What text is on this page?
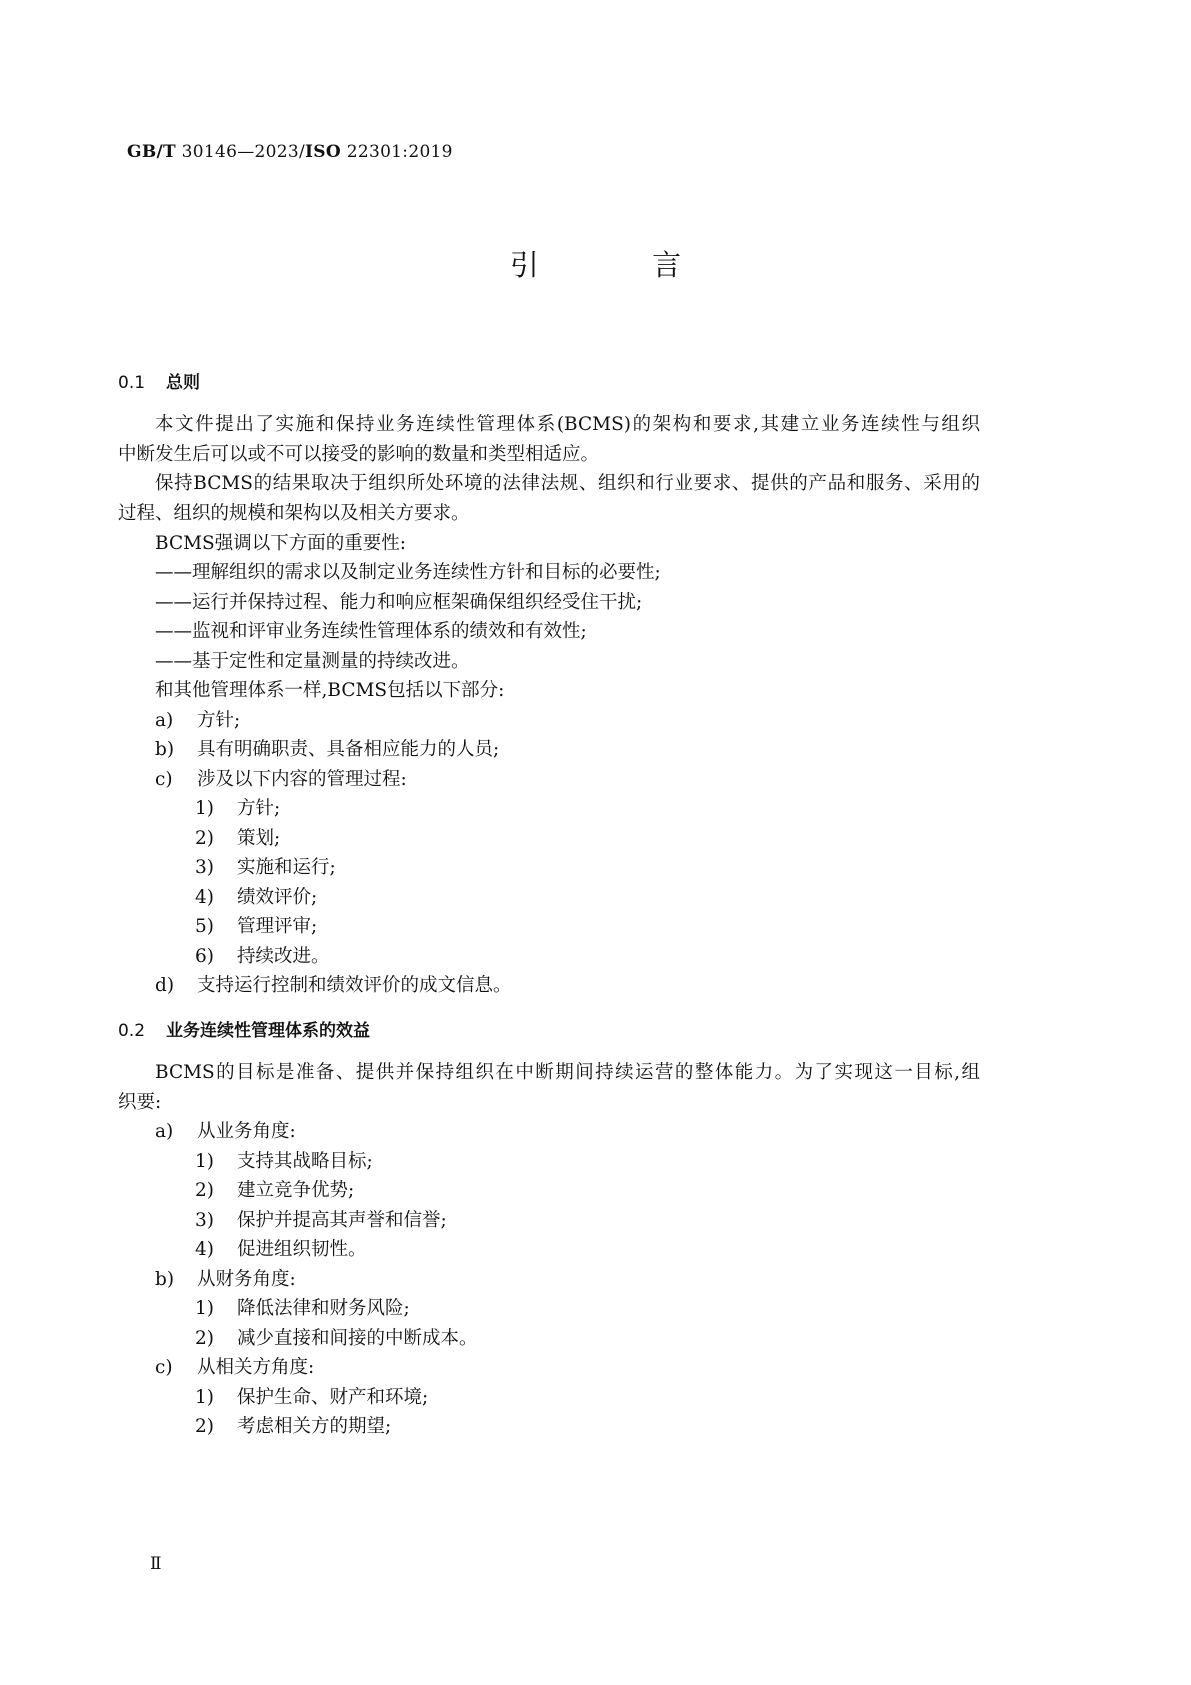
GB/T 30146—2023/ISO 22301:2019
引 言
0.1 总则
本文件提出了实施和保持业务连续性管理体系(BCMS)的架构和要求,其建立业务连续性与组织
中断发生后可以或不可以接受的影响的数量和类型相适应。
保持BCMS的结果取决于组织所处环境的法律法规、组织和行业要求、提供的产品和服务、采用的
过程、组织的规模和架构以及相关方要求。
BCMS强调以下方面的重要性:
——理解组织的需求以及制定业务连续性方针和目标的必要性;
——运行并保持过程、能力和响应框架确保组织经受住干扰;
——监视和评审业务连续性管理体系的绩效和有效性;
——基于定性和定量测量的持续改进。
和其他管理体系一样,BCMS包括以下部分:
a) 方针;
b) 具有明确职责、具备相应能力的人员;
c) 涉及以下内容的管理过程:
1) 方针;
2) 策划;
3) 实施和运行;
4) 绩效评价;
5) 管理评审;
6) 持续改进。
d) 支持运行控制和绩效评价的成文信息。
0.2 业务连续性管理体系的效益
BCMS的目标是准备、提供并保持组织在中断期间持续运营的整体能力。为了实现这一目标,组
织要:
a) 从业务角度:
1) 支持其战略目标;
2) 建立竞争优势;
3) 保护并提高其声誉和信誉;
4) 促进组织韧性。
b) 从财务角度:
1) 降低法律和财务风险;
2) 减少直接和间接的中断成本。
c) 从相关方角度:
1) 保护生命、财产和环境;
2) 考虑相关方的期望;
Ⅱ
